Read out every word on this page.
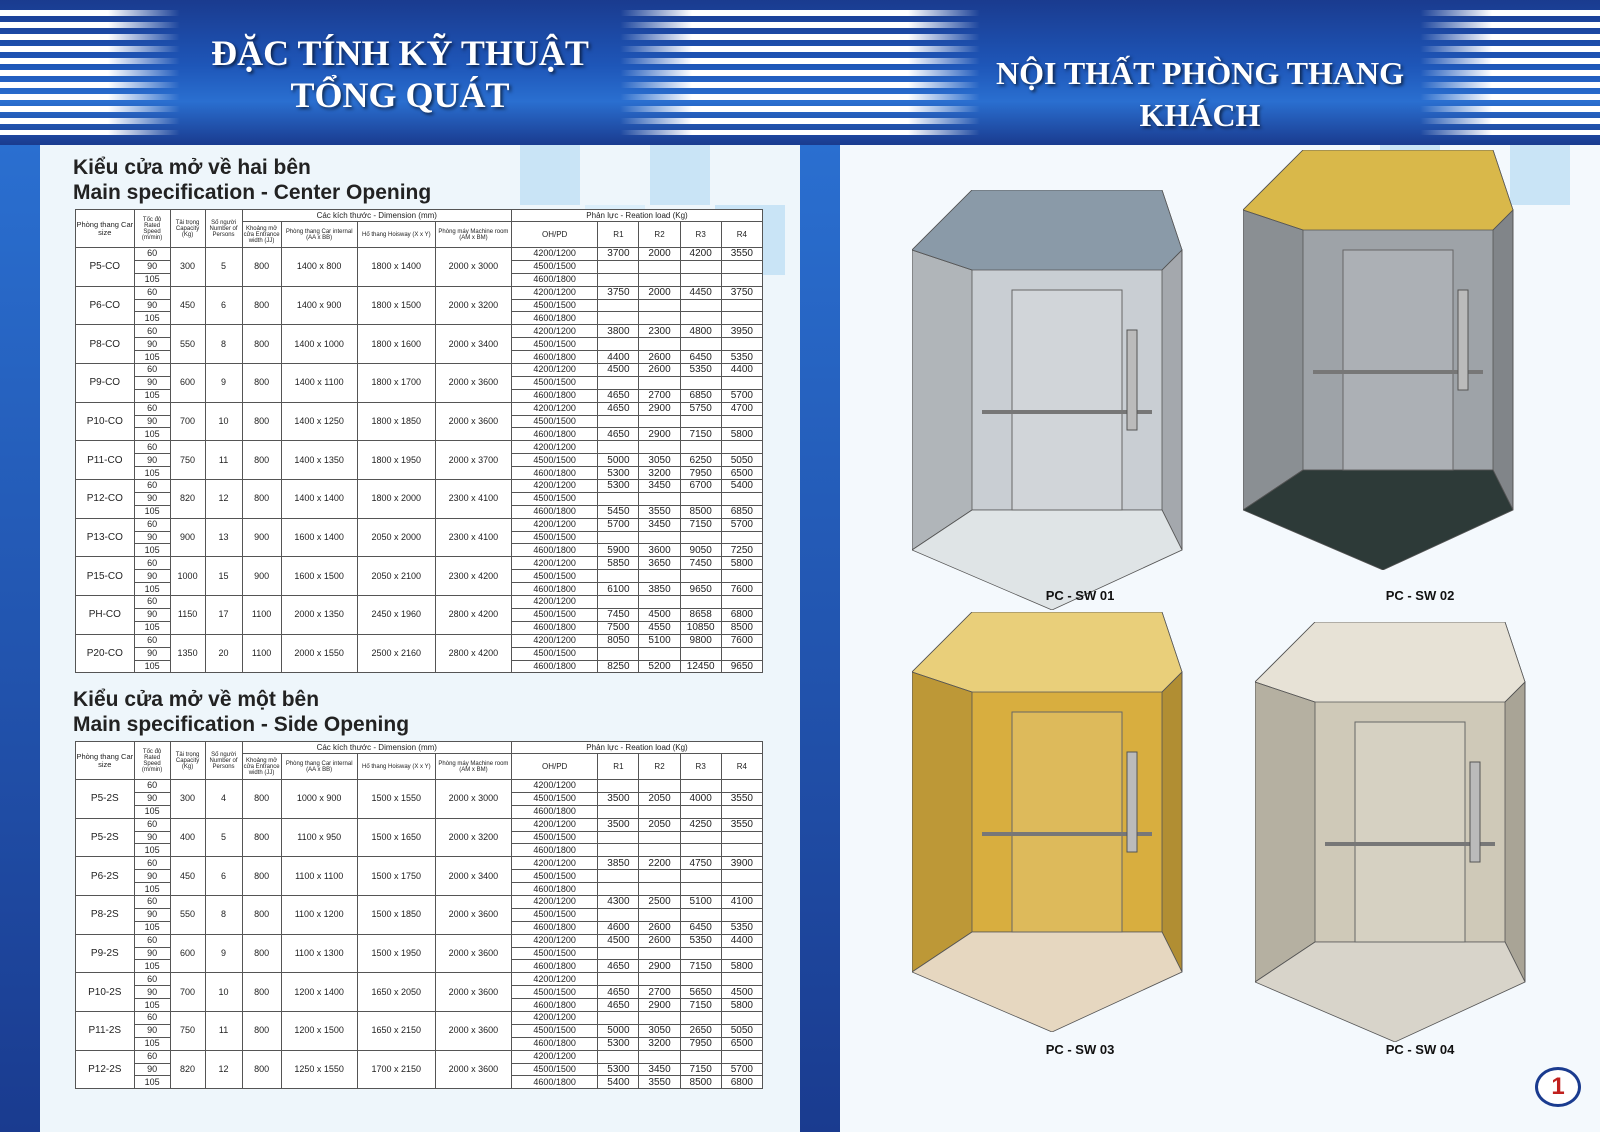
ĐẶC TÍNH KỸ THUẬT
TỔNG QUÁT
Kiểu cửa mở về hai bên
Main specification - Center Opening
Phòng thang Car size	Tốc độ Rated Speed (m/min)	Tải trọng Capacity (Kg)	Số người Number of Persons	Các kích thước - Dimension (mm)				Phản lực - Reation load (Kg)				
				Khoảng mở cửa Entrance width (JJ)	Phòng thang Car internal (AA x BB)	Hố thang Hoisway (X x Y)	Phòng máy Machine room (AM x BM)	OH/PD	R1	R2	R3	R4
P5-CO	60	300	5	800	1400 x 800	1800 x 1400	2000 x 3000	4200/1200	3700	2000	4200	3550
	90							4500/1500				
	105							4600/1800				
P6-CO	60	450	6	800	1400 x 900	1800 x 1500	2000 x 3200	4200/1200	3750	2000	4450	3750
	90							4500/1500				
	105							4600/1800				
P8-CO	60	550	8	800	1400 x 1000	1800 x 1600	2000 x 3400	4200/1200	3800	2300	4800	3950
	90							4500/1500				
	105							4600/1800	4400	2600	6450	5350
P9-CO	60	600	9	800	1400 x 1100	1800 x 1700	2000 x 3600	4200/1200	4500	2600	5350	4400
	90							4500/1500				
	105							4600/1800	4650	2700	6850	5700
P10-CO	60	700	10	800	1400 x 1250	1800 x 1850	2000 x 3600	4200/1200	4650	2900	5750	4700
	90							4500/1500				
	105							4600/1800	4650	2900	7150	5800
P11-CO	60	750	11	800	1400 x 1350	1800 x 1950	2000 x 3700	4200/1200				
	90							4500/1500	5000	3050	6250	5050
	105							4600/1800	5300	3200	7950	6500
P12-CO	60	820	12	800	1400 x 1400	1800 x 2000	2300 x 4100	4200/1200	5300	3450	6700	5400
	90							4500/1500				
	105							4600/1800	5450	3550	8500	6850
P13-CO	60	900	13	900	1600 x 1400	2050 x 2000	2300 x 4100	4200/1200	5700	3450	7150	5700
	90							4500/1500				
	105							4600/1800	5900	3600	9050	7250
P15-CO	60	1000	15	900	1600 x 1500	2050 x 2100	2300 x 4200	4200/1200	5850	3650	7450	5800
	90							4500/1500				
	105							4600/1800	6100	3850	9650	7600
PH-CO	60	1150	17	1100	2000 x 1350	2450 x 1960	2800 x 4200	4200/1200				
	90							4500/1500	7450	4500	8658	6800
	105							4600/1800	7500	4550	10850	8500
P20-CO	60	1350	20	1100	2000 x 1550	2500 x 2160	2800 x 4200	4200/1200	8050	5100	9800	7600
	90							4500/1500				
	105							4600/1800	8250	5200	12450	9650
Kiểu cửa mở về một bên
Main specification - Side Opening
Phòng thang Car size	Tốc độ Rated Speed (m/min)	Tải trọng Capacity (Kg)	Số người Number of Persons	Các kích thước - Dimension (mm)				Phản lực - Reation load (Kg)				
				Khoảng mở cửa Entrance width (JJ)	Phòng thang Car internal (AA x BB)	Hố thang Hoisway (X x Y)	Phòng máy Machine room (AM x BM)	OH/PD	R1	R2	R3	R4
P5-2S	60	300	4	800	1000 x 900	1500 x 1550	2000 x 3000	4200/1200				
	90							4500/1500	3500	2050	4000	3550
	105							4600/1800				
P5-2S	60	400	5	800	1100 x 950	1500 x 1650	2000 x 3200	4200/1200	3500	2050	4250	3550
	90							4500/1500				
	105							4600/1800				
P6-2S	60	450	6	800	1100 x 1100	1500 x 1750	2000 x 3400	4200/1200	3850	2200	4750	3900
	90							4500/1500				
	105							4600/1800				
P8-2S	60	550	8	800	1100 x 1200	1500 x 1850	2000 x 3600	4200/1200	4300	2500	5100	4100
	90							4500/1500				
	105							4600/1800	4600	2600	6450	5350
P9-2S	60	600	9	800	1100 x 1300	1500 x 1950	2000 x 3600	4200/1200	4500	2600	5350	4400
	90							4500/1500				
	105							4600/1800	4650	2900	7150	5800
P10-2S	60	700	10	800	1200 x 1400	1650 x 2050	2000 x 3600	4200/1200				
	90							4500/1500	4650	2700	5650	4500
	105							4600/1800	4650	2900	7150	5800
P11-2S	60	750	11	800	1200 x 1500	1650 x 2150	2000 x 3600	4200/1200				
	90							4500/1500	5000	3050	2650	5050
	105							4600/1800	5300	3200	7950	6500
P12-2S	60	820	12	800	1250 x 1550	1700 x 2150	2000 x 3600	4200/1200				
	90							4500/1500	5300	3450	7150	5700
	105							4600/1800	5400	3550	8500	6800
NỘI THẤT PHÒNG THANG KHÁCH
PC - SW 01	PC - SW 02
PC - SW 03	PC - SW 04
1
